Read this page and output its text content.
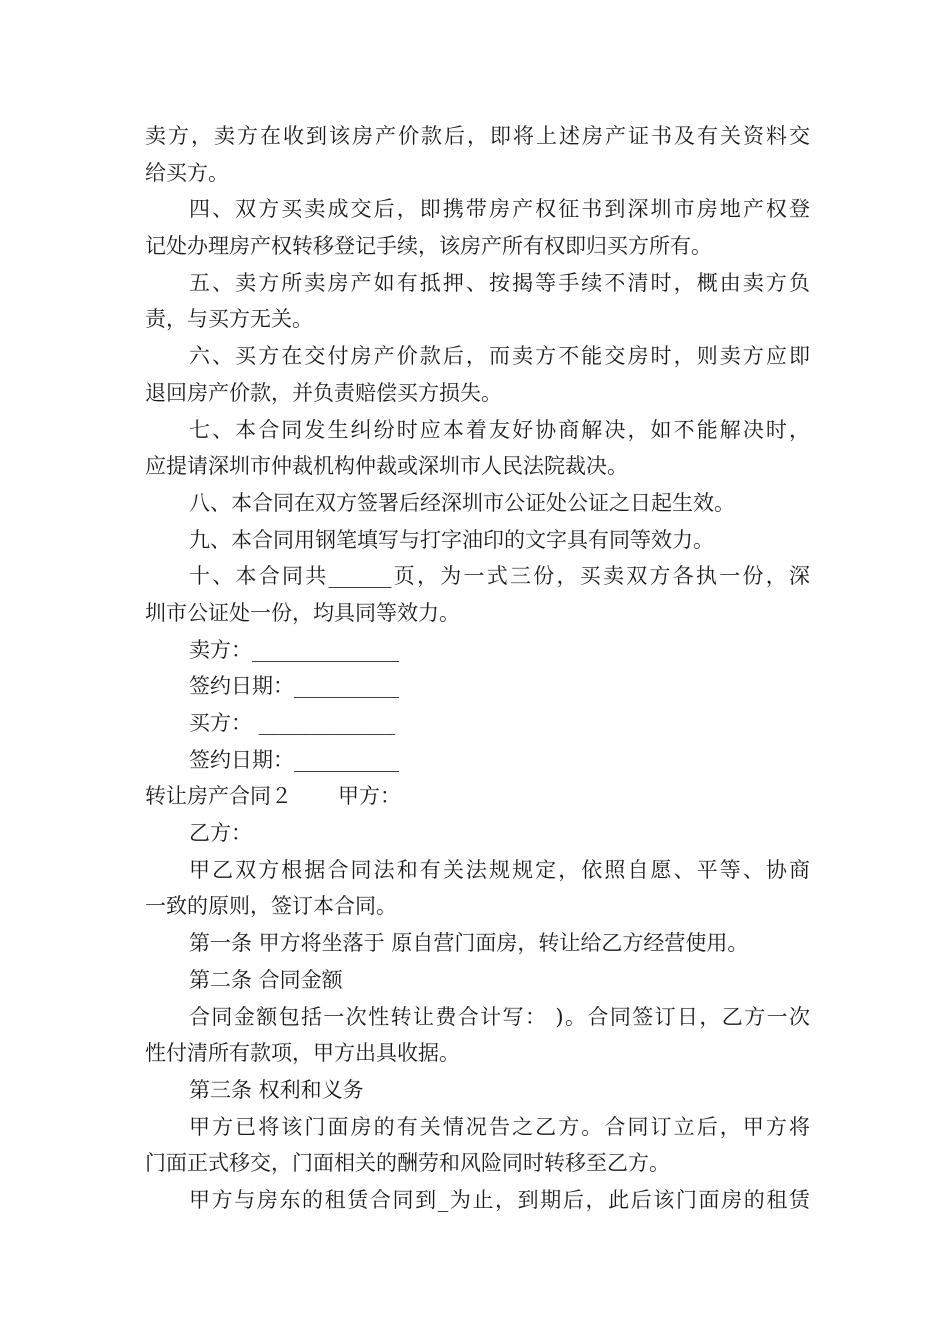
卖方，卖方在收到该房产价款后，即将上述房产证书及有关资料交
给买方。
四、双方买卖成交后，即携带房产权征书到深圳市房地产权登
记处办理房产权转移登记手续，该房产所有权即归买方所有。
五、卖方所卖房产如有抵押、按揭等手续不清时，概由卖方负
责，与买方无关。
六、买方在交付房产价款后，而卖方不能交房时，则卖方应即
退回房产价款，并负责赔偿买方损失。
七、本合同发生纠纷时应本着友好协商解决，如不能解决时，
应提请深圳市仲裁机构仲裁或深圳市人民法院裁决。
八、本合同在双方签署后经深圳市公证处公证之日起生效。
九、本合同用钢笔填写与打字油印的文字具有同等效力。
十、本合同共______页，为一式三份，买卖双方各执一份，深
圳市公证处一份，均具同等效力。
卖方：______________
签约日期：__________
买方： _____________
签约日期：__________
转让房产合同２ 甲方：
乙方：
甲乙双方根据合同法和有关法规规定，依照自愿、平等、协商
一致的原则，签订本合同。
第一条 甲方将坐落于 原自营门面房，转让给乙方经营使用。
第二条 合同金额
合同金额包括一次性转让费合计写： )。合同签订日，乙方一次
性付清所有款项，甲方出具收据。
第三条 权利和义务
甲方已将该门面房的有关情况告之乙方。合同订立后，甲方将
门面正式移交，门面相关的酬劳和风险同时转移至乙方。
甲方与房东的租赁合同到_为止，到期后，此后该门面房的租赁
